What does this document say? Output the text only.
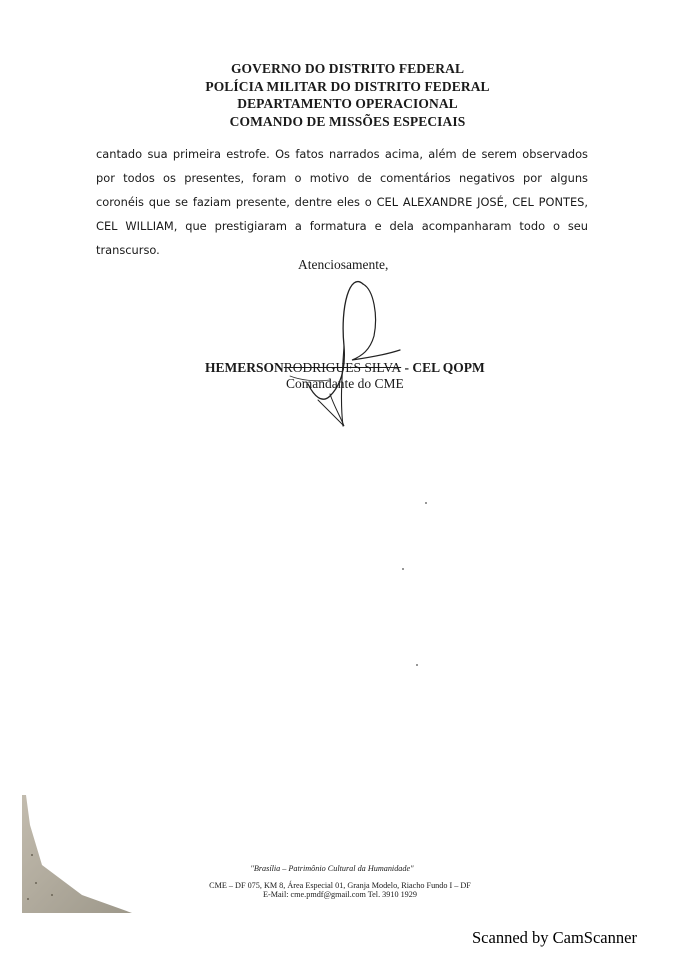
GOVERNO DO DISTRITO FEDERAL
POLÍCIA MILITAR DO DISTRITO FEDERAL
DEPARTAMENTO OPERACIONAL
COMANDO DE MISSÕES ESPECIAIS
cantado sua primeira estrofe. Os fatos narrados acima, além de serem observados por todos os presentes, foram o motivo de comentários negativos por alguns coronéis que se faziam presente, dentre eles o CEL ALEXANDRE JOSÉ, CEL PONTES, CEL WILLIAM, que prestigiaram a formatura e dela acompanharam todo o seu transcurso.
Atenciosamente,
HEMERSONRODRIGUES SILVA - CEL QOPM
Comandante do CME
"Brasília – Patrimônio Cultural da Humanidade"
CME – DF 075, KM 8, Área Especial 01, Granja Modelo, Riacho Fundo I – DF
E-Mail: cme.pmdf@gmail.com Tel. 3910 1929
Scanned by CamScanner
